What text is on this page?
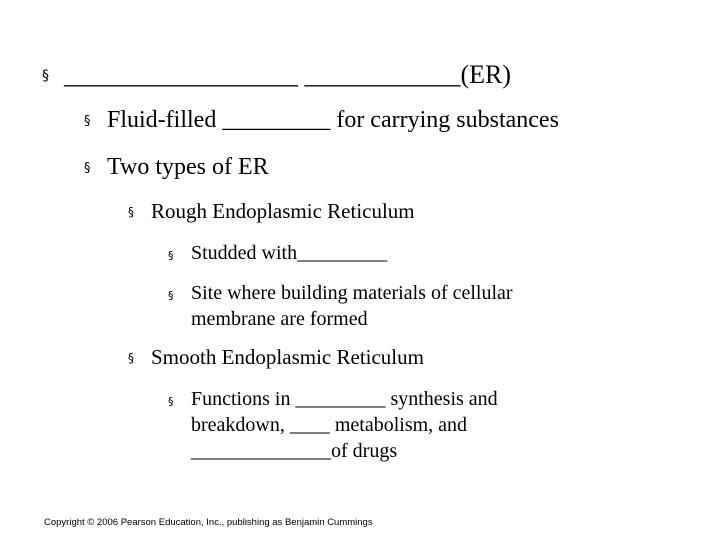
§ __________________ ____________(ER)
§ Fluid-filled _________ for carrying substances
§ Two types of ER
§ Rough Endoplasmic Reticulum
§ Studded with_________
§ Site where building materials of cellular
membrane are formed
§ Smooth Endoplasmic Reticulum
§ Functions in _________ synthesis and
breakdown, ____ metabolism, and
______________of drugs
Copyright © 2006 Pearson Education, Inc., publishing as Benjamin Cummings
